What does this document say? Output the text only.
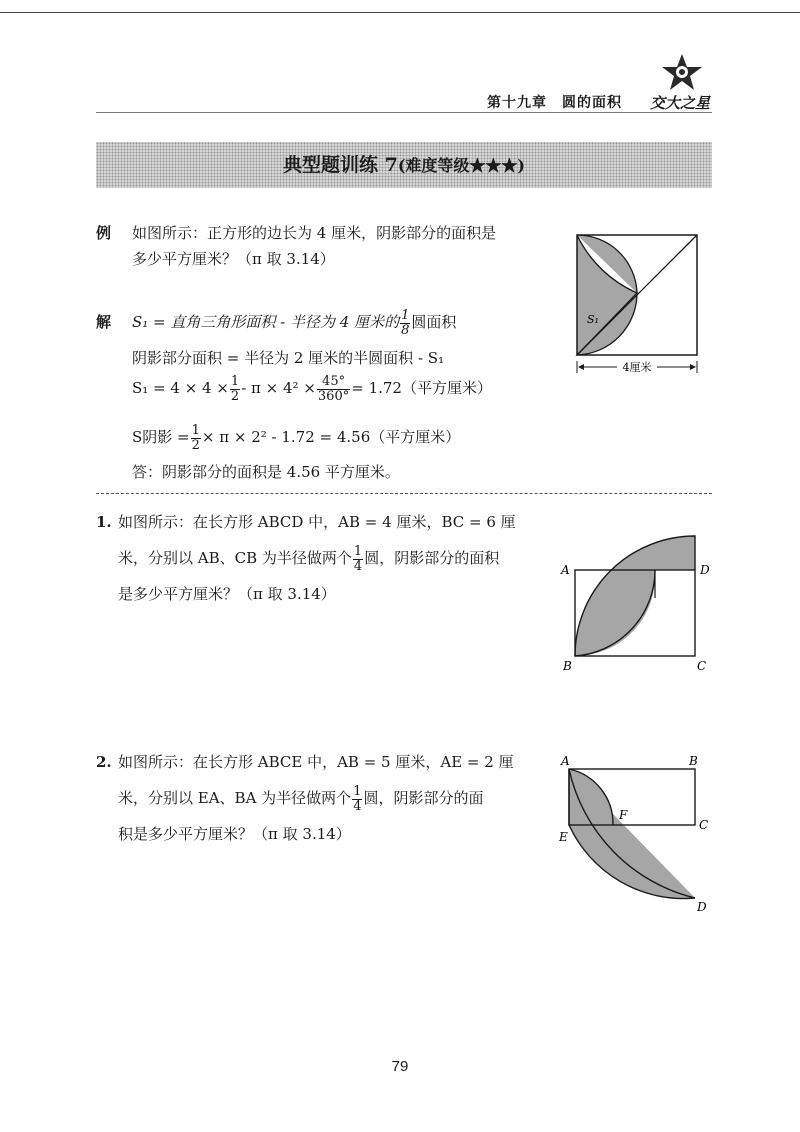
第十九章　圆的面积 交大之星
典型题训练 7(难度等级★★★)
例 如图所示：正方形的边长为 4 厘米，阴影部分的面积是
多少平方厘米？（π 取 3.14）
S₁
4厘米
解 S₁ = 直角三角形面积 - 半径为 4 厘米的 $\frac{1}{8}$ 圆面积
阴影部分面积 = 半径为 2 厘米的半圆面积 - S₁
$S_1 = 4 \times 4 \times \frac{1}{2} - \pi \times 4^2 \times \frac{45^\circ}{360^\circ} = 1.72$（平方厘米）
S阴影 = $\frac{1}{2} \times \pi \times 2^2 - 1.72 = 4.56$（平方厘米）
答：阴影部分的面积是 4.56 平方厘米。
1. 如图所示：在长方形 ABCD 中，AB = 4 厘米，BC = 6 厘
米，分别以 AB、CB 为半径做两个 $\frac{1}{4}$ 圆，阴影部分的面积
是多少平方厘米？（π 取 3.14）
A	D
B	C
2. 如图所示：在长方形 ABCE 中，AB = 5 厘米，AE = 2 厘
米，分别以 EA、BA 为半径做两个 $\frac{1}{4}$ 圆，阴影部分的面
积是多少平方厘米？（π 取 3.14）
A	B
C
E
F
D
79
